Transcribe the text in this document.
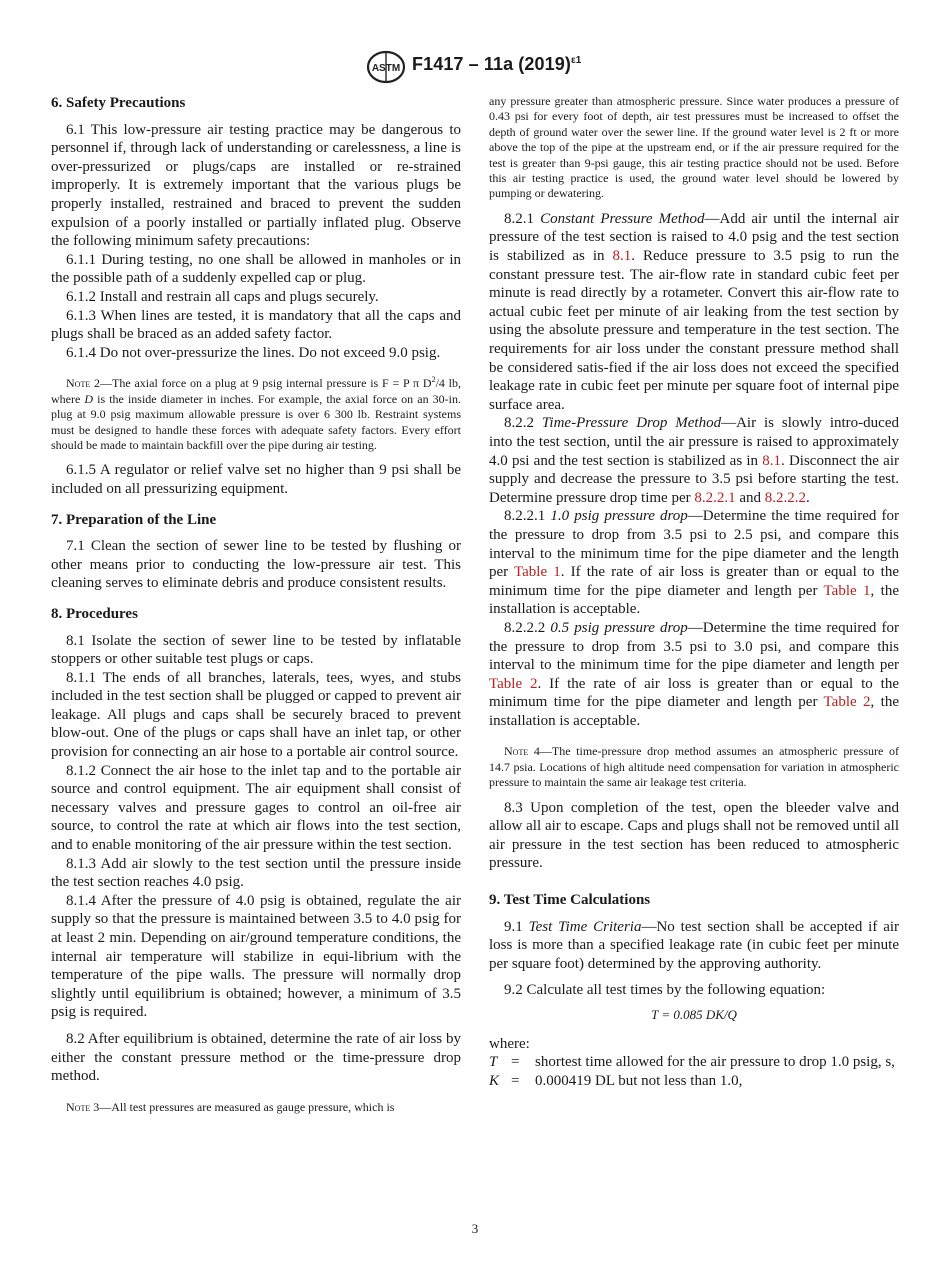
ASTM F1417 – 11a $(2019)^{\varepsilon 1}$
6. Safety Precautions

6.1 This low-pressure air testing practice may be dangerous to personnel if, through lack of understanding or carelessness, a line is over-pressurized or plugs/caps are installed or re-strained improperly. It is extremely important that the various plugs be properly installed, restrained and braced to prevent the sudden expulsion of a poorly installed or partially inflated plug. Observe the following minimum safety precautions:

6.1.1 During testing, no one shall be allowed in manholes or in the possible path of a suddenly expelled cap or plug.

6.1.2 Install and restrain all caps and plugs securely.

6.1.3 When lines are tested, it is mandatory that all the caps and plugs shall be braced as an added safety factor.

6.1.4 Do not over-pressurize the lines. Do not exceed 9.0 psig.

Note 2—The axial force on a plug at 9 psig internal pressure is F = P π $D^2/4$ lb, where D is the inside diameter in inches. For example, the axial force on an 30-in. plug at 9.0 psig maximum allowable pressure is over 6 300 lb. Restraint systems must be designed to handle these forces with adequate safety factors. Every effort should be made to maintain backfill over the pipe during air testing.

6.1.5 A regulator or relief valve set no higher than 9 psi shall be included on all pressurizing equipment.

7. Preparation of the Line

7.1 Clean the section of sewer line to be tested by flushing or other means prior to conducting the low-pressure air test. This cleaning serves to eliminate debris and produce consistent results.

8. Procedures

8.1 Isolate the section of sewer line to be tested by inflatable stoppers or other suitable test plugs or caps.

8.1.1 The ends of all branches, laterals, tees, wyes, and stubs included in the test section shall be plugged or capped to prevent air leakage. All plugs and caps shall be securely braced to prevent blow-out. One of the plugs or caps shall have an inlet tap, or other provision for connecting an air hose to a portable air control source.

8.1.2 Connect the air hose to the inlet tap and to the portable air source and control equipment. The air equipment shall consist of necessary valves and pressure gages to control an oil-free air source, to control the rate at which air flows into the test section, and to enable monitoring of the air pressure within the test section.

8.1.3 Add air slowly to the test section until the pressure inside the test section reaches 4.0 psig.

8.1.4 After the pressure of 4.0 psig is obtained, regulate the air supply so that the pressure is maintained between 3.5 to 4.0 psig for at least 2 min. Depending on air/ground temperature conditions, the internal air temperature will stabilize in equi-librium with the temperature of the pipe walls. The pressure will normally drop slightly until equilibrium is obtained; however, a minimum of 3.5 psig is required.

8.2 After equilibrium is obtained, determine the rate of air loss by either the constant pressure method or the time-pressure drop method.

Note 3—All test pressures are measured as gauge pressure, which is
any pressure greater than atmospheric pressure. Since water produces a pressure of 0.43 psi for every foot of depth, air test pressures must be increased to offset the depth of ground water over the sewer line. If the ground water level is 2 ft or more above the top of the pipe at the upstream end, or if the air pressure required for the test is greater than 9-psi gauge, this air testing practice should not be used. Before this air testing practice is used, the ground water level should be lowered by pumping or dewatering.

8.2.1 Constant Pressure Method—Add air until the internal air pressure of the test section is raised to 4.0 psig and the test section is stabilized as in 8.1. Reduce pressure to 3.5 psig to run the constant pressure test. The air-flow rate in standard cubic feet per minute is read directly by a rotameter. Convert this air-flow rate to actual cubic feet per minute of air leaking from the test section by using the absolute pressure and temperature in the test section. The requirements for air loss under the constant pressure method shall be considered satis-fied if the air loss does not exceed the specified leakage rate in cubic feet per minute per square foot of internal pipe surface area.

8.2.2 Time-Pressure Drop Method—Air is slowly intro-duced into the test section, until the air pressure is raised to approximately 4.0 psi and the test section is stabilized as in 8.1. Disconnect the air supply and decrease the pressure to 3.5 psi before starting the test. Determine pressure drop time per 8.2.2.1 and 8.2.2.2.

8.2.2.1 1.0 psig pressure drop—Determine the time required for the pressure to drop from 3.5 psi to 2.5 psi, and compare this interval to the minimum time for the pipe diameter and the length per Table 1. If the rate of air loss is greater than or equal to the minimum time for the pipe diameter and length per Table 1, the installation is acceptable.

8.2.2.2 0.5 psig pressure drop—Determine the time required for the pressure to drop from 3.5 psi to 3.0 psi, and compare this interval to the minimum time for the pipe diameter and length per Table 2. If the rate of air loss is greater than or equal to the minimum time for the pipe diameter and length per Table 2, the installation is acceptable.

Note 4—The time-pressure drop method assumes an atmospheric pressure of 14.7 psia. Locations of high altitude need compensation for variation in atmospheric pressure to maintain the same air leakage test criteria.

8.3 Upon completion of the test, open the bleeder valve and allow all air to escape. Caps and plugs shall not be removed until all air pressure in the test section has been reduced to atmospheric pressure.

9. Test Time Calculations

9.1 Test Time Criteria—No test section shall be accepted if air loss is more than a specified leakage rate (in cubic feet per minute per square foot) determined by the approving authority.

9.2 Calculate all test times by the following equation:

T = 0.085 DK/Q

where:

T =	shortest time allowed for the air pressure to drop 1.0 psig, s,
K =	0.000419 DL but not less than 1.0,
3
